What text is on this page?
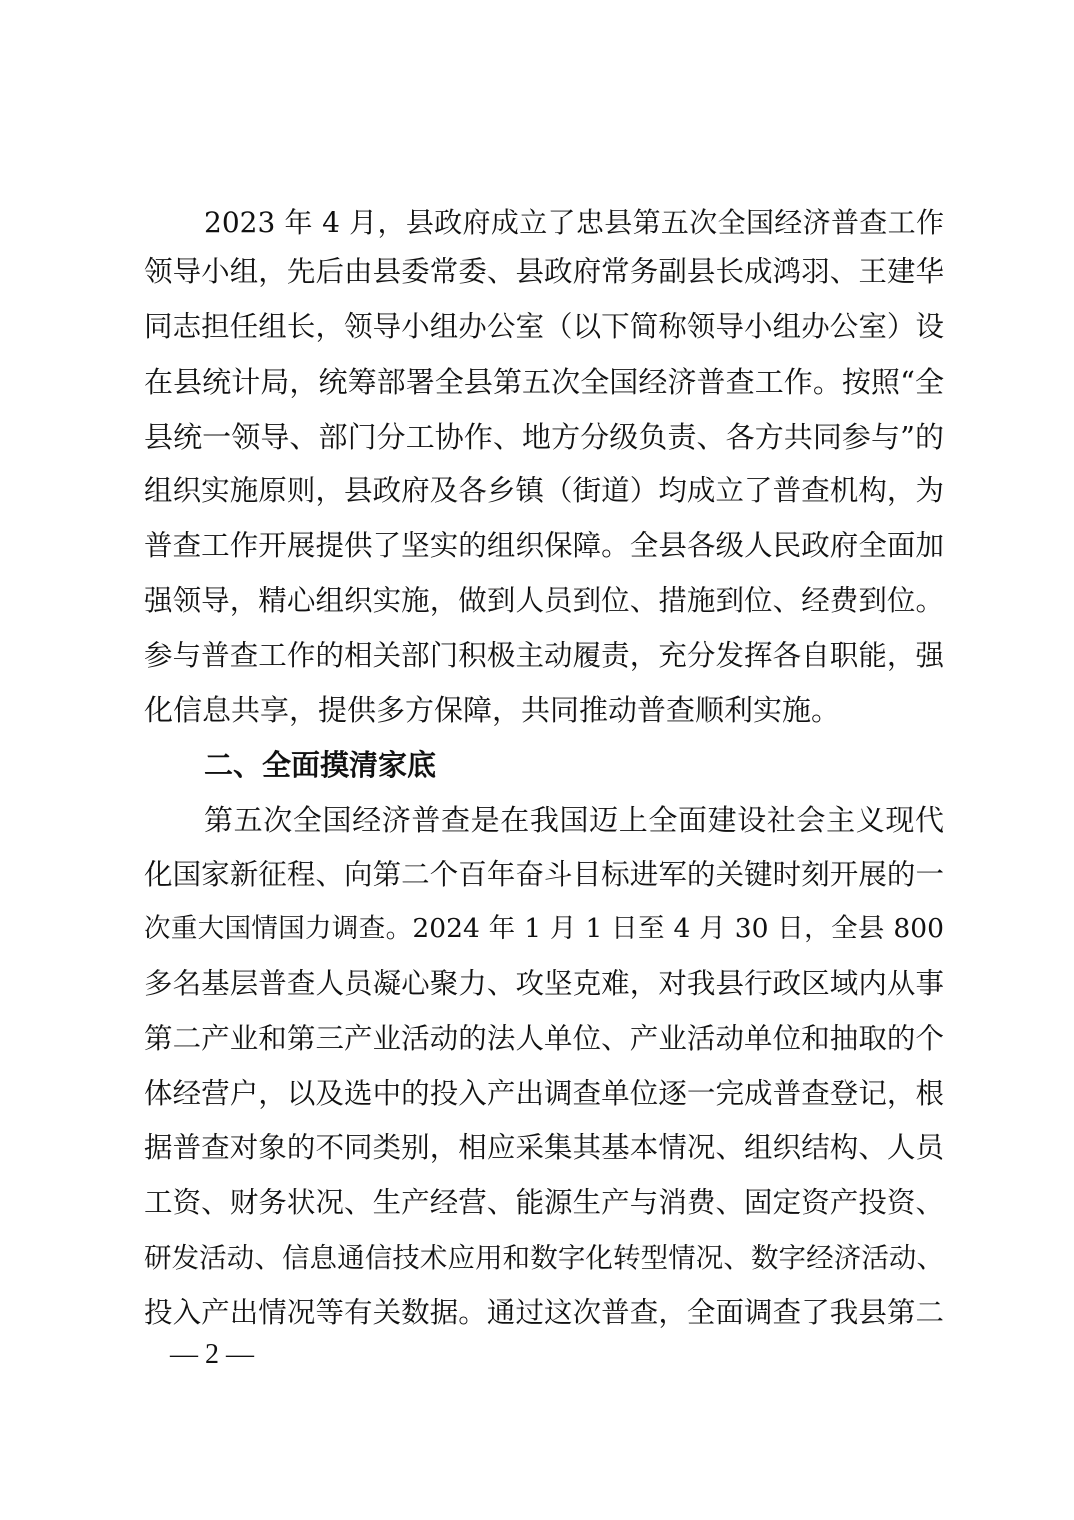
2023 年 4 月，县政府成立了忠县第五次全国经济普查工作
领导小组，先后由县委常委、县政府常务副县长成鸿羽、王建华
同志担任组长，领导小组办公室（以下简称领导小组办公室）设
在县统计局，统筹部署全县第五次全国经济普查工作。按照“全
县统一领导、部门分工协作、地方分级负责、各方共同参与”的
组织实施原则，县政府及各乡镇（街道）均成立了普查机构，为
普查工作开展提供了坚实的组织保障。全县各级人民政府全面加
强领导，精心组织实施，做到人员到位、措施到位、经费到位。
参与普查工作的相关部门积极主动履责，充分发挥各自职能，强
化信息共享，提供多方保障，共同推动普查顺利实施。
二、全面摸清家底
第五次全国经济普查是在我国迈上全面建设社会主义现代
化国家新征程、向第二个百年奋斗目标进军的关键时刻开展的一
次重大国情国力调查。2024 年 1 月 1 日至 4 月 30 日，全县 800
多名基层普查人员凝心聚力、攻坚克难，对我县行政区域内从事
第二产业和第三产业活动的法人单位、产业活动单位和抽取的个
体经营户，以及选中的投入产出调查单位逐一完成普查登记，根
据普查对象的不同类别，相应采集其基本情况、组织结构、人员
工资、财务状况、生产经营、能源生产与消费、固定资产投资、
研发活动、信息通信技术应用和数字化转型情况、数字经济活动、
投入产出情况等有关数据。通过这次普查，全面调查了我县第二
— 2 —
